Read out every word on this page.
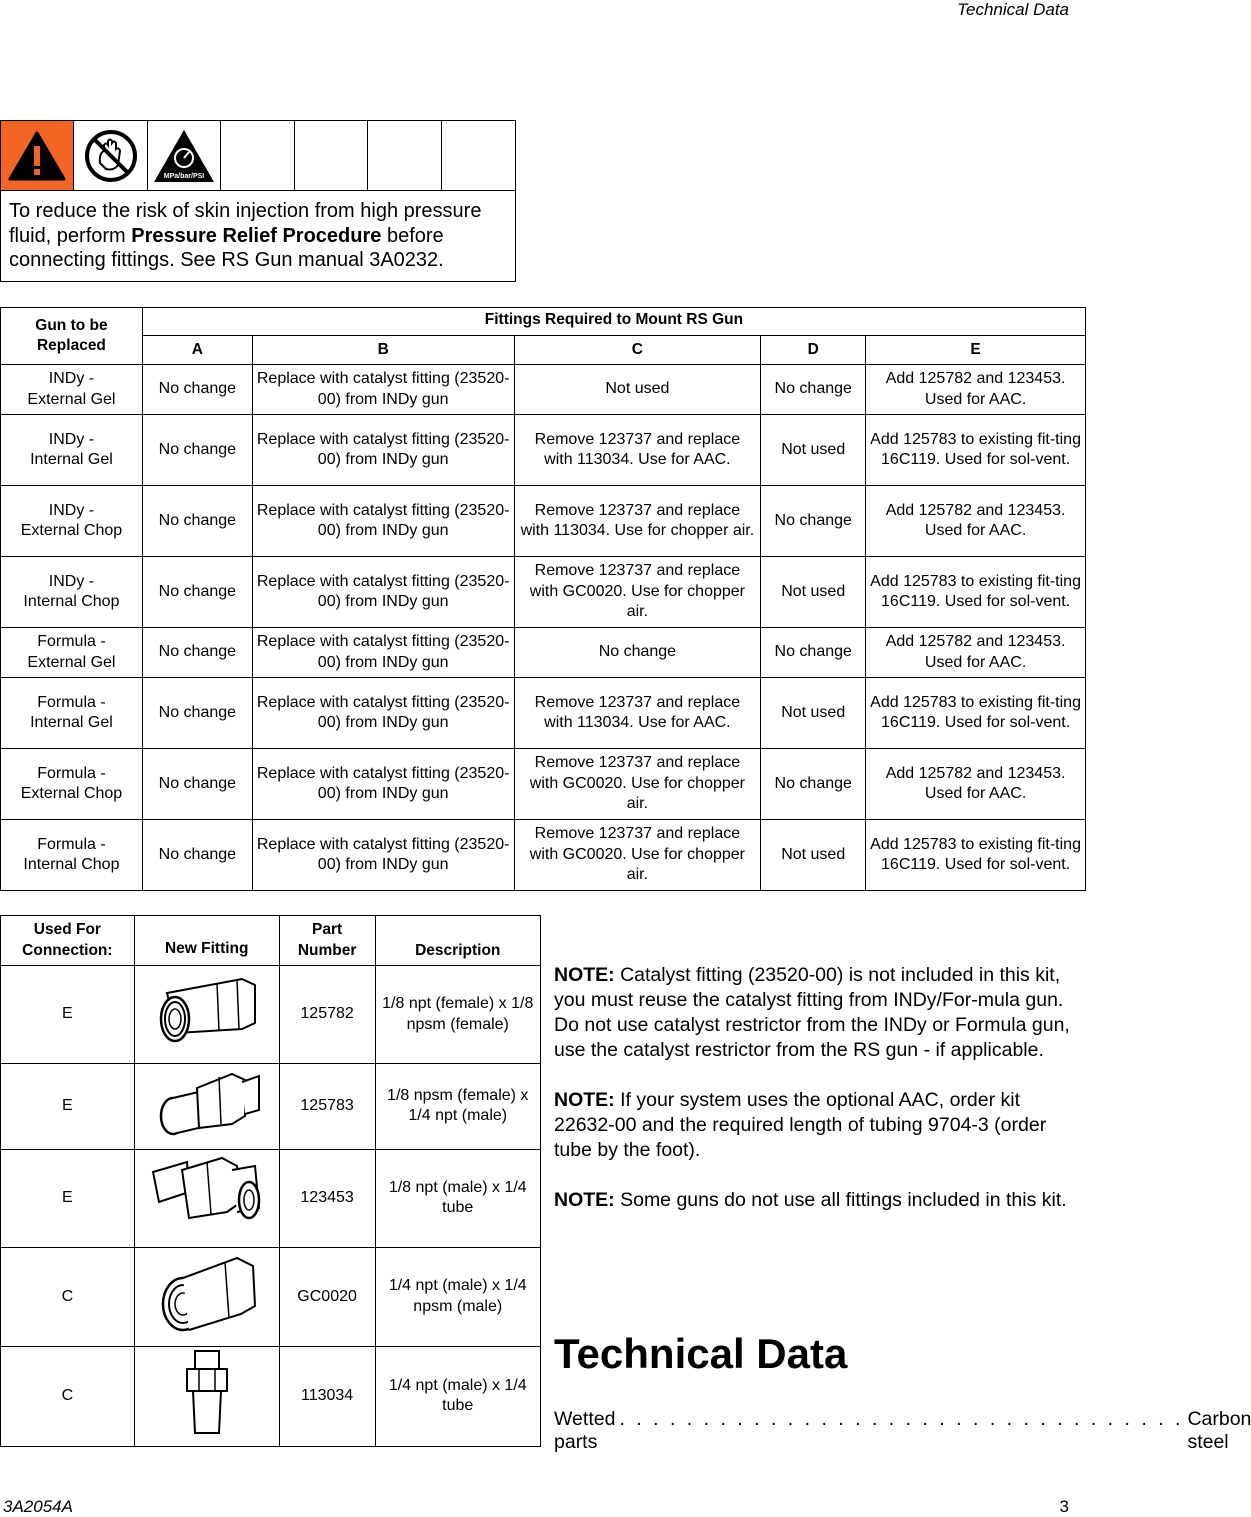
Technical Data
MPa/bar/PSI
To reduce the risk of skin injection from high pressure fluid, perform Pressure Relief Procedure before connecting fittings. See RS Gun manual 3A0232.
Gun to be Replaced	Fittings Required to Mount RS Gun				
	A	B	C	D	E
INDy -
External Gel	No change	Replace with catalyst fitting (23520-00) from INDy gun	Not used	No change	Add 125782 and 123453. Used for AAC.
INDy -
Internal Gel	No change	Replace with catalyst fitting (23520-00) from INDy gun	Remove 123737 and replace with 113034. Use for AAC.	Not used	Add 125783 to existing fit-ting 16C119. Used for sol-vent.
INDy -
External Chop	No change	Replace with catalyst fitting (23520-00) from INDy gun	Remove 123737 and replace with 113034. Use for chopper air.	No change	Add 125782 and 123453. Used for AAC.
INDy -
Internal Chop	No change	Replace with catalyst fitting (23520-00) from INDy gun	Remove 123737 and replace with GC0020. Use for chopper air.	Not used	Add 125783 to existing fit-ting 16C119. Used for sol-vent.
Formula -
External Gel	No change	Replace with catalyst fitting (23520-00) from INDy gun	No change	No change	Add 125782 and 123453. Used for AAC.
Formula -
Internal Gel	No change	Replace with catalyst fitting (23520-00) from INDy gun	Remove 123737 and replace with 113034. Use for AAC.	Not used	Add 125783 to existing fit-ting 16C119. Used for sol-vent.
Formula -
External Chop	No change	Replace with catalyst fitting (23520-00) from INDy gun	Remove 123737 and replace with GC0020. Use for chopper air.	No change	Add 125782 and 123453. Used for AAC.
Formula -
Internal Chop	No change	Replace with catalyst fitting (23520-00) from INDy gun	Remove 123737 and replace with GC0020. Use for chopper air.	Not used	Add 125783 to existing fit-ting 16C119. Used for sol-vent.
Used For Connection:	New Fitting	Part Number	Description
E		125782	1/8 npt (female) x 1/8 npsm (female)
E		125783	1/8 npsm (female) x 1/4 npt (male)
E		123453	1/8 npt (male) x 1/4 tube
C		GC0020	1/4 npt (male) x 1/4 npsm (male)
C		113034	1/4 npt (male) x 1/4 tube

NOTE: Catalyst fitting (23520-00) is not included in this kit, you must reuse the catalyst fitting from INDy/For-mula gun. Do not use catalyst restrictor from the INDy or Formula gun, use the catalyst restrictor from the RS gun - if applicable.

NOTE: If your system uses the optional AAC, order kit 22632-00 and the required length of tubing 9704-3 (order tube by the foot).

NOTE: Some guns do not use all fittings included in this kit.

Technical Data
Wetted parts
. . . . . . . . . . . . . . . . . . . . . . . . . . . . . . . . . . Carbon steel
3A2054A	3
